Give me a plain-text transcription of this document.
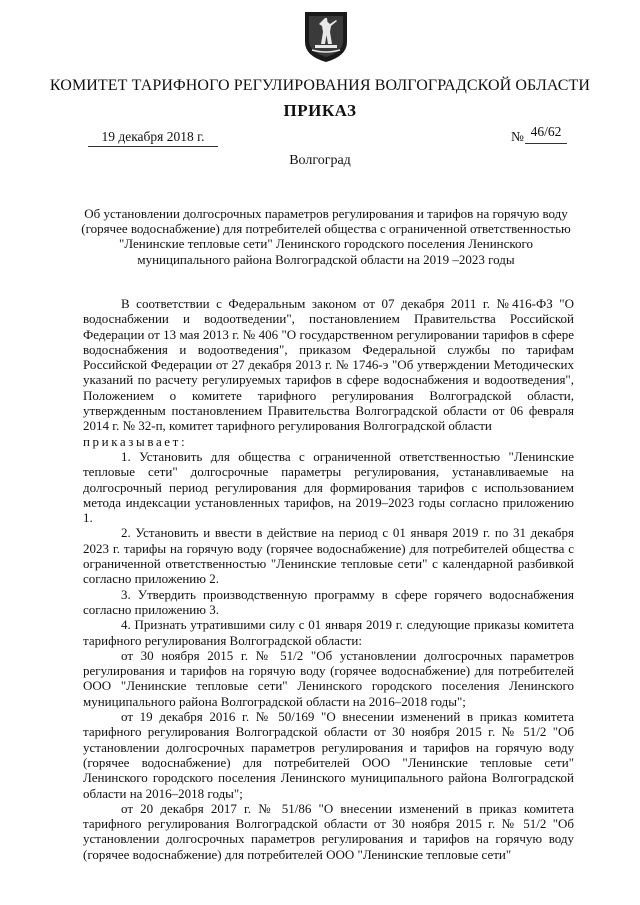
КОМИТЕТ ТАРИФНОГО РЕГУЛИРОВАНИЯ ВОЛГОГРАДСКОЙ ОБЛАСТИ
ПРИКАЗ
19 декабря 2018 г.	№ 46/62
Волгоград
Об установлении долгосрочных параметров регулирования и тарифов на горячую воду (горячее водоснабжение) для потребителей общества с ограниченной ответственностью "Ленинские тепловые сети" Ленинского городского поселения Ленинского муниципального района Волгоградской области на 2019 –2023 годы

В соответствии с Федеральным законом от 07 декабря 2011 г. №416-ФЗ "О водоснабжении и водоотведении", постановлением Правительства Российской Федерации от 13 мая 2013 г. № 406 "О государственном регулировании тарифов в сфере водоснабжения и водоотведения", приказом Федеральной службы по тарифам Российской Федерации от 27 декабря 2013 г. № 1746-э "Об утверждении Методических указаний по расчету регулируемых тарифов в сфере водоснабжения и водоотведения", Положением о комитете тарифного регулирования Волгоградской области, утвержденным постановлением Правительства Волгоградской области от 06 февраля 2014 г. № 32-п, комитет тарифного регулирования Волгоградской области

приказывает:

1. Установить для общества с ограниченной ответственностью "Ленинские тепловые сети" долгосрочные параметры регулирования, устанавливаемые на долгосрочный период регулирования для формирования тарифов с использованием метода индексации установленных тарифов, на 2019–2023 годы согласно приложению 1.

2. Установить и ввести в действие на период с 01 января 2019 г. по 31 декабря 2023 г. тарифы на горячую воду (горячее водоснабжение) для потребителей общества с ограниченной ответственностью "Ленинские тепловые сети" с календарной разбивкой согласно приложению 2.

3. Утвердить производственную программу в сфере горячего водоснабжения согласно приложению 3.

4. Признать утратившими силу с 01 января 2019 г. следующие приказы комитета тарифного регулирования Волгоградской области:

от 30 ноября 2015 г. № 51/2 "Об установлении долгосрочных параметров регулирования и тарифов на горячую воду (горячее водоснабжение) для потребителей ООО "Ленинские тепловые сети" Ленинского городского поселения Ленинского муниципального района Волгоградской области на 2016–2018 годы";

от 19 декабря 2016 г. № 50/169 "О внесении изменений в приказ комитета тарифного регулирования Волгоградской области от 30 ноября 2015 г. № 51/2 "Об установлении долгосрочных параметров регулирования и тарифов на горячую воду (горячее водоснабжение) для потребителей ООО "Ленинские тепловые сети" Ленинского городского поселения Ленинского муниципального района Волгоградской области на 2016–2018 годы";

от 20 декабря 2017 г. № 51/86 "О внесении изменений в приказ комитета тарифного регулирования Волгоградской области от 30 ноября 2015 г. № 51/2 "Об установлении долгосрочных параметров регулирования и тарифов на горячую воду (горячее водоснабжение) для потребителей ООО "Ленинские тепловые сети"
